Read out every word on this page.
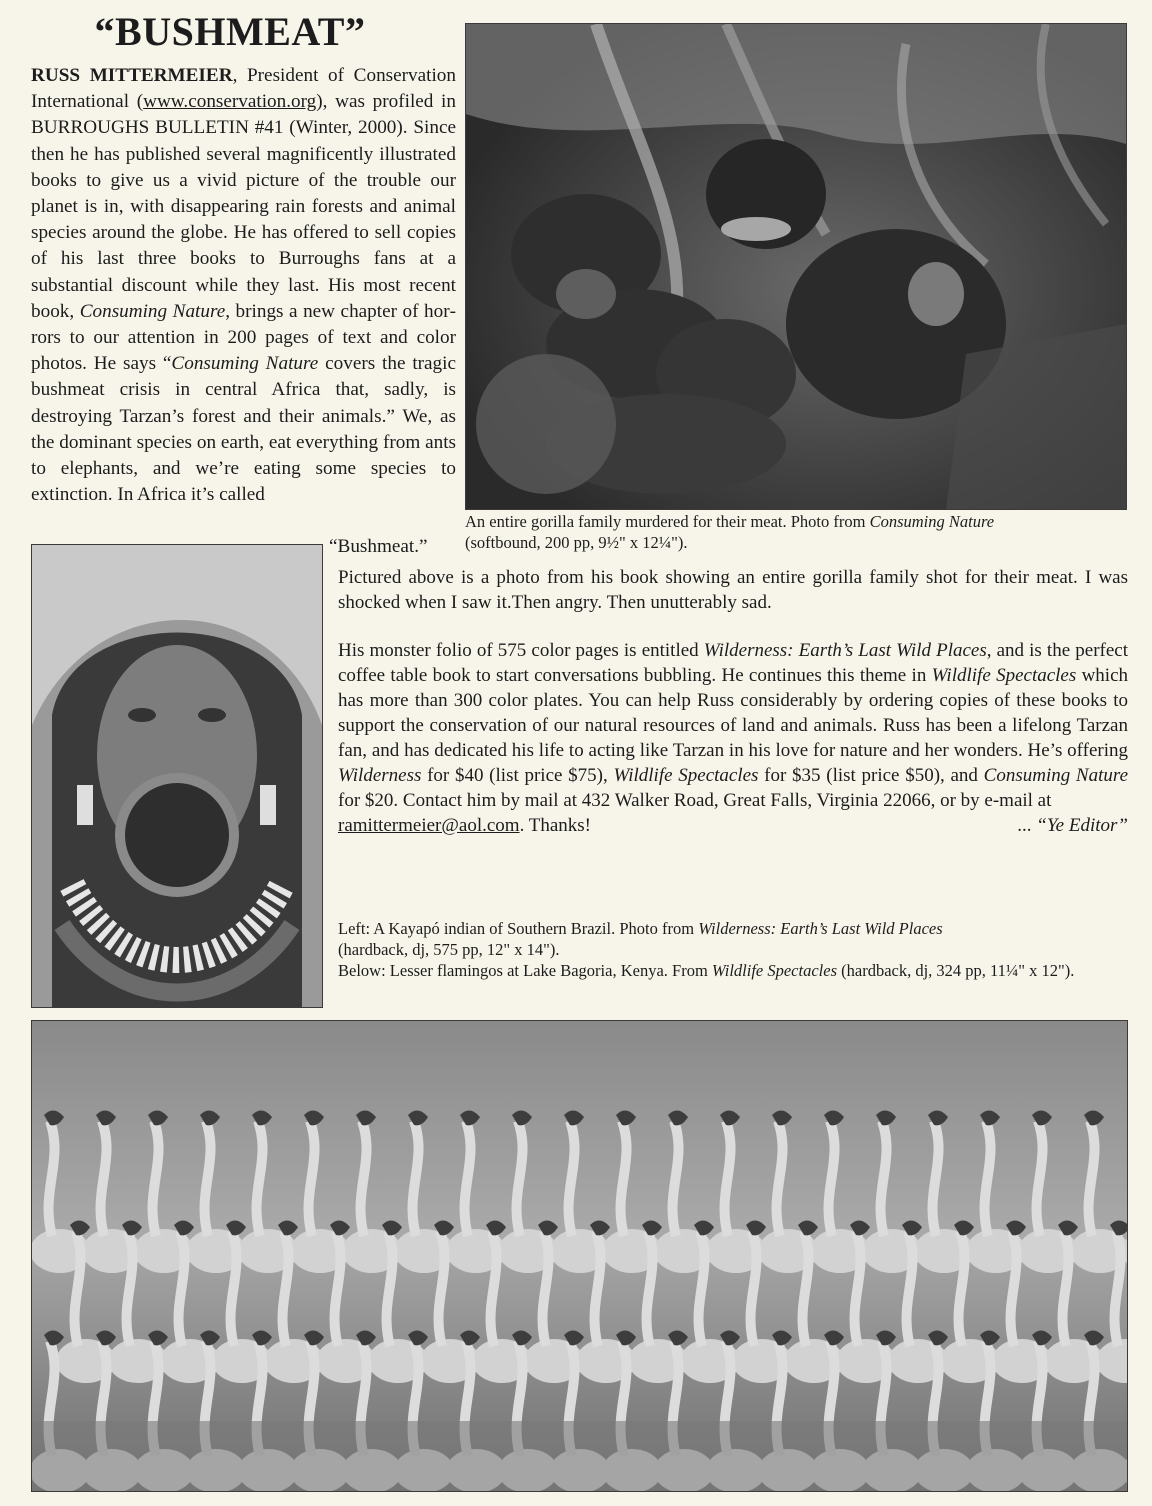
“BUSHMEAT”
RUSS MITTERMEIER, President of Conservation International (www.conservation.org), was profiled in BURROUGHS BULLETIN #41 (Winter, 2000). Since then he has published several magnificently illustrated books to give us a vivid picture of the trouble our planet is in, with disappearing rain forests and animal species around the globe. He has offered to sell copies of his last three books to Burroughs fans at a substantial discount while they last. His most recent book, Consuming Nature, brings a new chapter of horrors to our attention in 200 pages of text and color photos. He says “Consuming Nature covers the tragic bushmeat crisis in central Africa that, sadly, is destroying Tarzan’s forest and their animals.” We, as the dominant species on earth, eat everything from ants to elephants, and we’re eating some species to extinction. In Africa it’s called
“Bushmeat.”
An entire gorilla family murdered for their meat. Photo from Consuming Nature
(softbound, 200 pp, 9½" x 12¼").

Pictured above is a photo from his book showing an entire gorilla family shot for their meat. I was shocked when I saw it.Then angry. Then unutterably sad.

His monster folio of 575 color pages is entitled Wilderness: Earth’s Last Wild Places, and is the perfect coffee table book to start conversations bubbling. He continues this theme in Wildlife Spectacles which has more than 300 color plates. You can help Russ considerably by ordering copies of these books to support the conservation of our natural resources of land and animals. Russ has been a lifelong Tarzan fan, and has dedicated his life to acting like Tarzan in his love for nature and her wonders. He’s offering Wilderness for $40 (list price $75), Wildlife Spectacles for $35 (list price $50), and Consuming Nature for $20. Contact him by mail at 432 Walker Road, Great Falls, Virginia 22066, or by e-mail at

ramittermeier@aol.com. Thanks!	... “Ye Editor”

Left: A Kayapó indian of Southern Brazil. Photo from Wilderness: Earth’s Last Wild Places
(hardback, dj, 575 pp, 12" x 14").

Below: Lesser flamingos at Lake Bagoria, Kenya. From Wildlife Spectacles (hardback, dj, 324 pp, 11¼" x 12").
